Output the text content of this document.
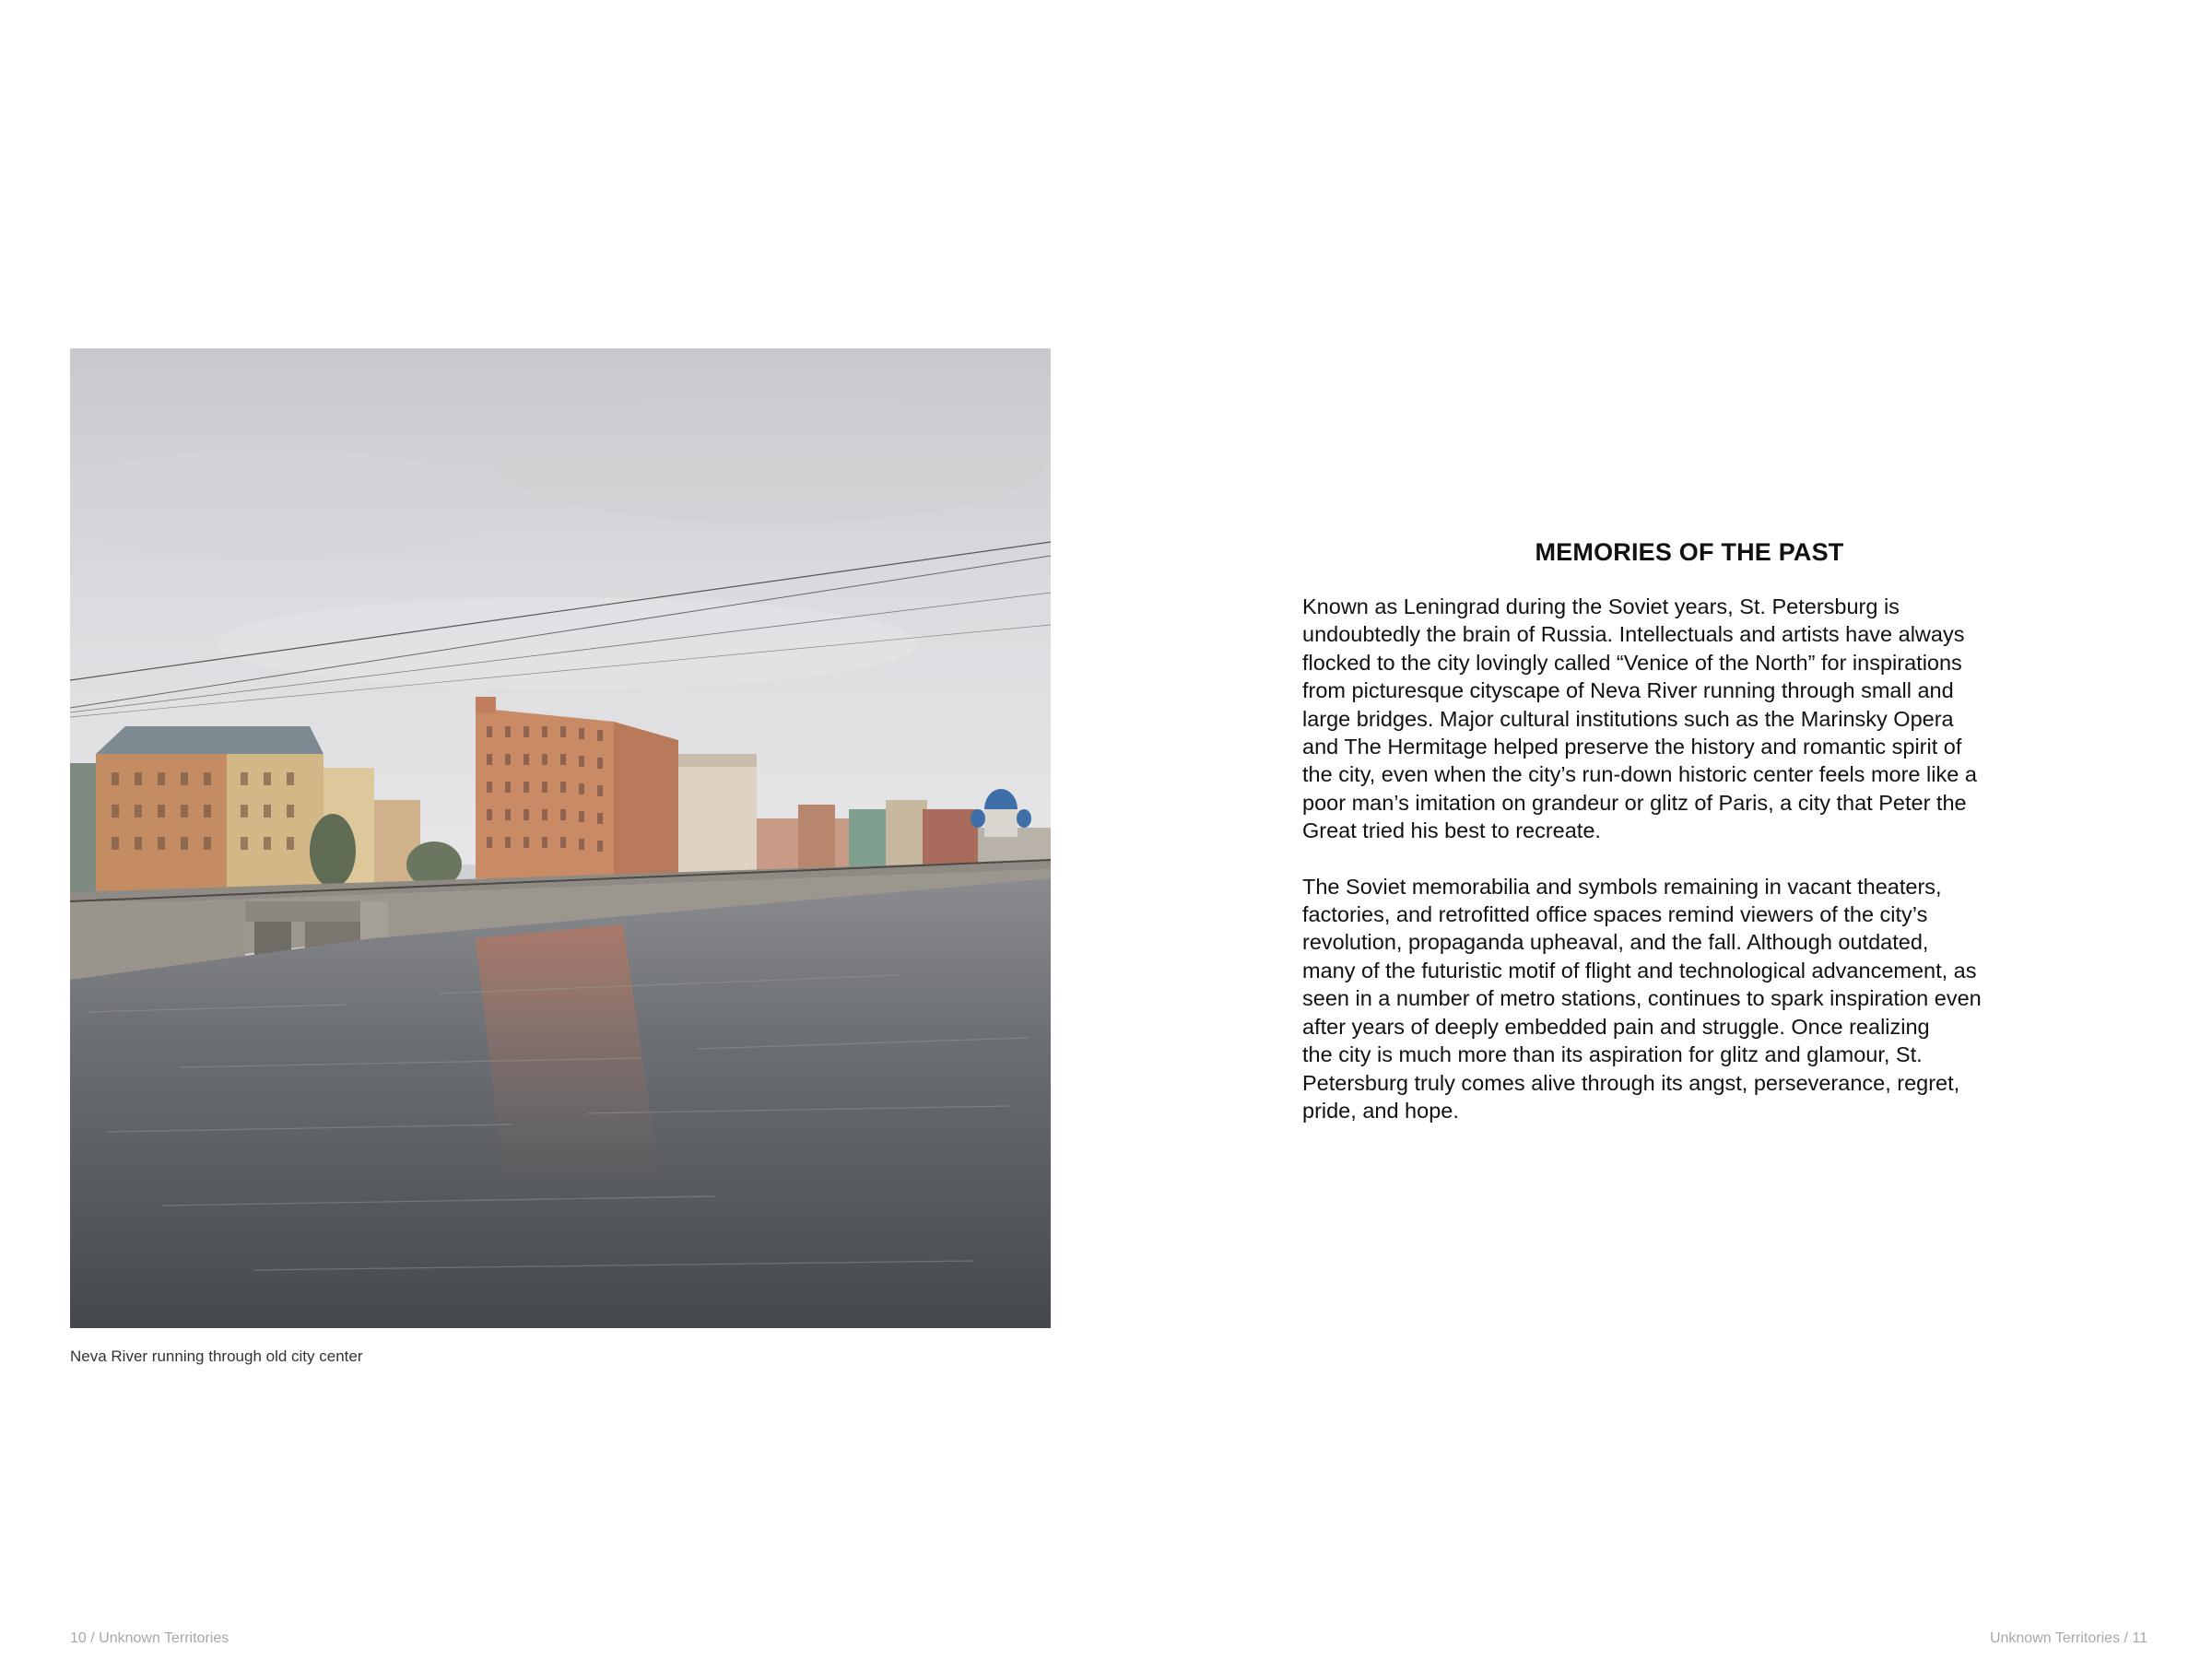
Neva River running through old city center
10 / Unknown Territories
MEMORIES OF THE PAST

Known as Leningrad during the Soviet years, St. Petersburg is
undoubtedly the brain of Russia. Intellectuals and artists have always
flocked to the city lovingly called “Venice of the North” for inspirations
from picturesque cityscape of Neva River running through small and
large bridges. Major cultural institutions such as the Marinsky Opera
and The Hermitage helped preserve the history and romantic spirit of
the city, even when the city’s run-down historic center feels more like a
poor man’s imitation on grandeur or glitz of Paris, a city that Peter the
Great tried his best to recreate.

The Soviet memorabilia and symbols remaining in vacant theaters,
factories, and retrofitted office spaces remind viewers of the city’s
revolution, propaganda upheaval, and the fall. Although outdated,
many of the futuristic motif of flight and technological advancement, as
seen in a number of metro stations, continues to spark inspiration even
after years of deeply embedded pain and struggle. Once realizing
the city is much more than its aspiration for glitz and glamour, St.
Petersburg truly comes alive through its angst, perseverance, regret,
pride, and hope.

Unknown Territories / 11
